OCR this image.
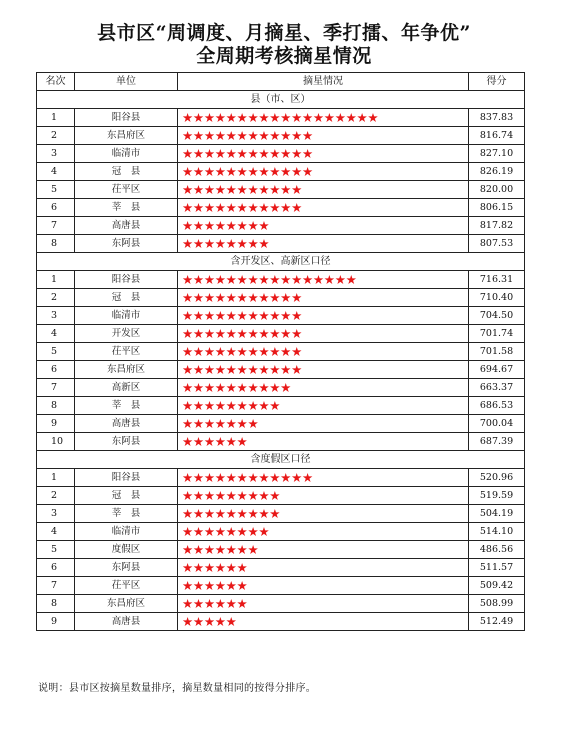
县市区“周调度、月摘星、季打擂、年争优”
全周期考核摘星情况
名次	单位	摘星情况	得分
县（市、区）			
1	阳谷县	★★★★★★★★★★★★★★★★★★	837.83
2	东昌府区	★★★★★★★★★★★★	816.74
3	临清市	★★★★★★★★★★★★	827.10
4	冠　县	★★★★★★★★★★★★	826.19
5	茌平区	★★★★★★★★★★★	820.00
6	莘　县	★★★★★★★★★★★	806.15
7	高唐县	★★★★★★★★	817.82
8	东阿县	★★★★★★★★	807.53
含开发区、高新区口径			
1	阳谷县	★★★★★★★★★★★★★★★★	716.31
2	冠　县	★★★★★★★★★★★	710.40
3	临清市	★★★★★★★★★★★	704.50
4	开发区	★★★★★★★★★★★	701.74
5	茌平区	★★★★★★★★★★★	701.58
6	东昌府区	★★★★★★★★★★★	694.67
7	高新区	★★★★★★★★★★	663.37
8	莘　县	★★★★★★★★★	686.53
9	高唐县	★★★★★★★	700.04
10	东阿县	★★★★★★	687.39
含度假区口径			
1	阳谷县	★★★★★★★★★★★★	520.96
2	冠　县	★★★★★★★★★	519.59
3	莘　县	★★★★★★★★★	504.19
4	临清市	★★★★★★★★	514.10
5	度假区	★★★★★★★	486.56
6	东阿县	★★★★★★	511.57
7	茌平区	★★★★★★	509.42
8	东昌府区	★★★★★★	508.99
9	高唐县	★★★★★	512.49
说明：县市区按摘星数量排序，摘星数量相同的按得分排序。
